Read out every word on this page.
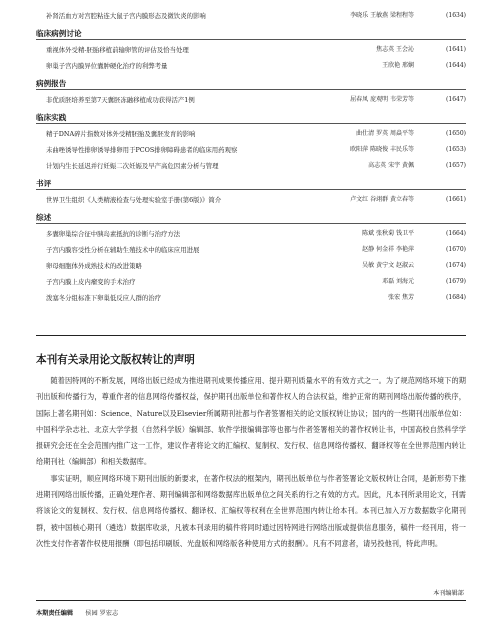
补肾活血方对宫腔粘连大鼠子宫内膜形态及微饮炎的影响	李晓乐 王敏燕 梁程程等	(1634)
临床病例讨论
重视体外受精-胚胎移植前输卵管的评估及恰当处理	焦志英 王会沁	(1641)
卵巢子宫内膜异位囊肿硬化治疗的利弊考量	王欣艳 邢娴	(1644)
病例报告
非优质胚培养至第7天囊胚冻融移植成功获得活产1例	屈春凤 庞观明 韦荣芳等	(1647)
临床实践
精子DNA碎片指数对体外受精胚胎及囊胚发育的影响	曲仕清 罗英 周焱平等	(1650)
未曲唑诱导性排卵诱导排卵用于PCOS排卵障碍患者的临床用药观察	欧阳萍 陈晓俊 丰民乐等	(1653)
计划内生长延迟并行妊娠二次妊娠及早产高危因素分析与管理	高志英 宋宇 黄佩	(1657)
书评
世界卫生组织《人类精液检查与处理实验室手册(第6版)》简介	卢文红 谷翊群 黄立春等	(1661)
综述
多囊卵巢综合征中胰岛素抵抗的诊断与治疗方法	陈斌 张秋菊 钱卫平	(1664)
子宫内膜容受性分析在辅助生殖技术中的临床应用进展	赵静 何金祥 李艳萍	(1670)
卵母细胞体外成熟技术的改进策略	吴敏 黄宁文 赵淑云	(1674)
子宫内膜上皮内瘤变的手术治疗	邓磊 刘海元	(1679)
泼塞冬分组标准下卵巢低反应人群的治疗	张宏 焦芳	(1684)
本刊有关录用论文版权转让的声明

随着因特网的不断发展，网络出版已经成为推进期刊成果传播应用、提升期刊质量水平的有效方式之一。为了规范网络环境下的期刊出版和传播行为，尊重作者的信息网络传播权益，保护期刊出版单位和著作权人的合法权益，维护正常的期刊网络出版传播的秩序，国际上著名期刊如：Science、Nature以及Elsevier所属期刊社都与作者签署相关的论文版权转让协议；国内的一些期刊出版单位如：中国科学杂志社、北京大学学报（自然科学版）编辑部、软件学报编辑部等也都与作者签署相关的著作权转让书，中国高校自然科学学报研究会还在全会范围内推广这一工作，建议作者将论文的汇编权、复制权、发行权、信息网络传播权、翻译权等在全世界范围内转让给期刊社（编辑部）和相关数据库。

事实证明，顺应网络环境下期刊出版的新要求，在著作权法的框架内，期刊出版单位与作者签署论文版权转让合同，是新形势下推进期刊网络出版传播，正确处理作者、期刊编辑部和网络数据库出版单位之间关系的行之有效的方式。因此，凡本刊所录用论文，刊需将该论文的复制权、发行权、信息网络传播权、翻译权、汇编权等权利在全世界范围内转让给本刊。本刊已加入万方数据数字化期刊群，被中国核心期刊（遴选）数据库收录，凡被本刊录用的稿件将同时通过因特网进行网络出版或提供信息服务，稿件一经刊用，将一次性支付作者著作权使用报酬（即包括印刷版、光盘版和网络版各种使用方式的报酬）。凡有不同意者，请另投他刊，特此声明。

本刊编辑部
本期责任编辑 侯园 罗宏志
